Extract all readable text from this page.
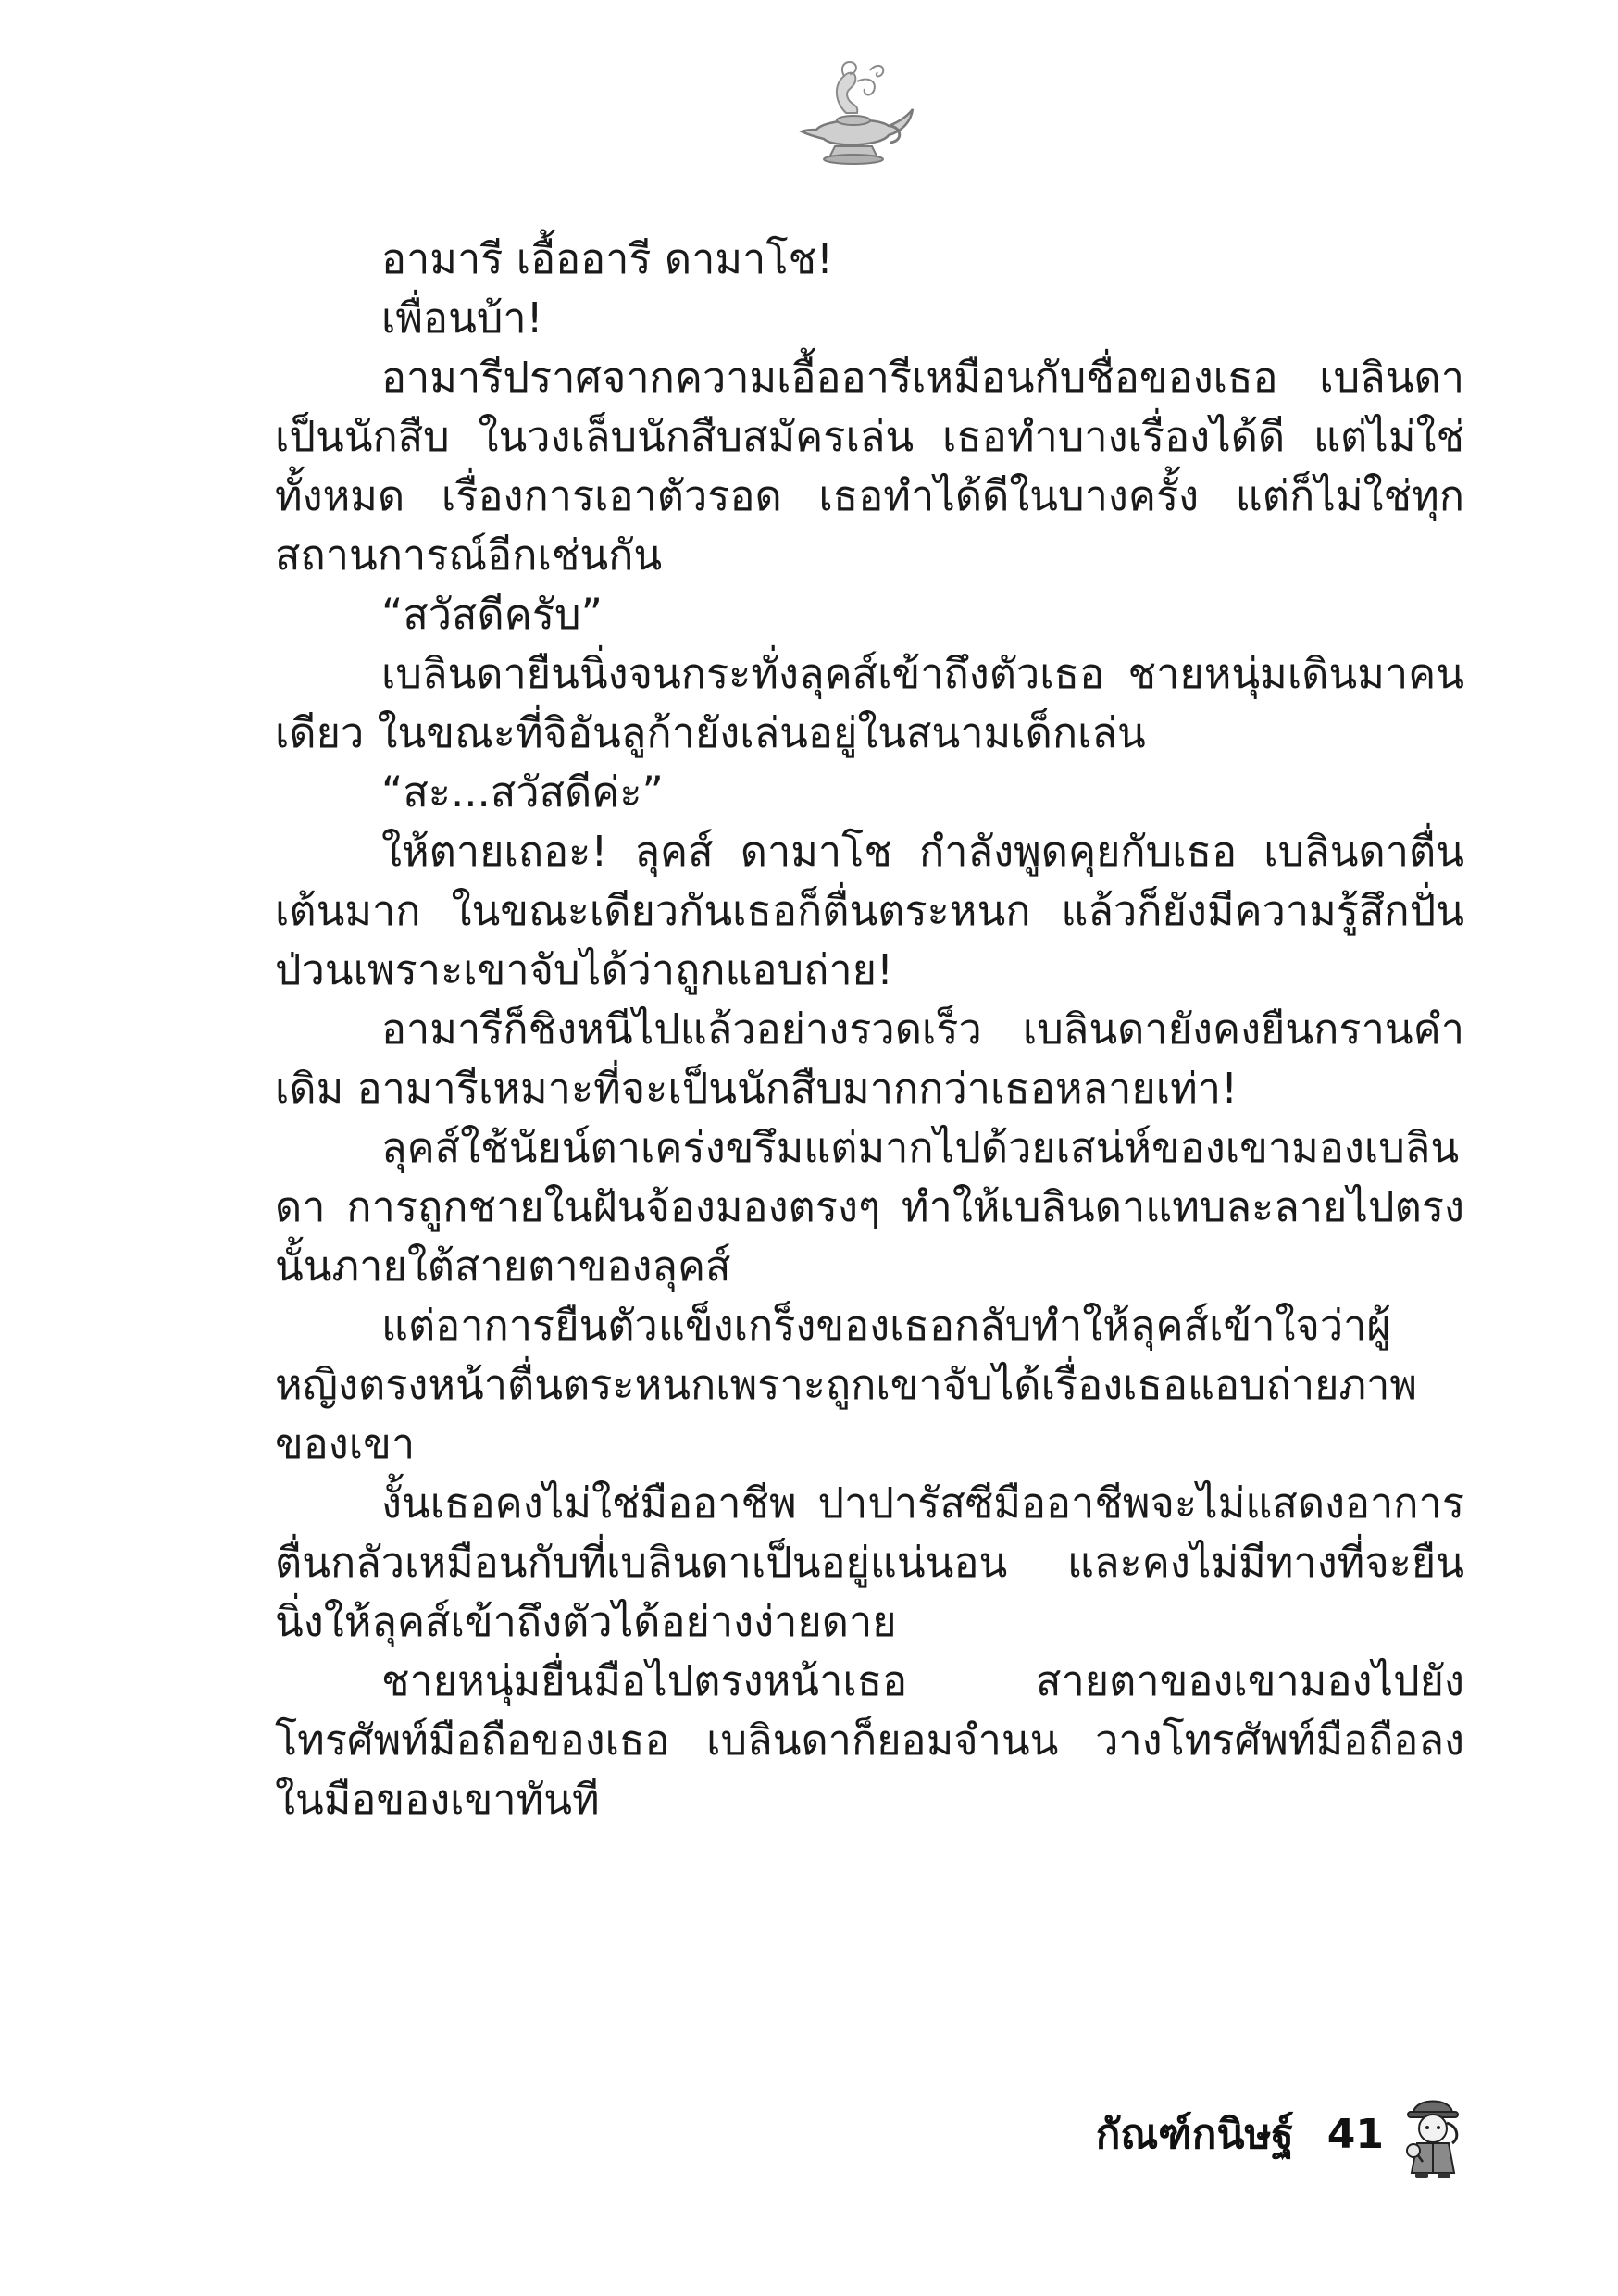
อามารี เอื้ออารี ดามาโช!

เพื่อนบ้า!

อามารีปราศจากความเอื้ออารีเหมือนกับชื่อของเธอ เบลินดาเป็นนักสืบ ในวงเล็บนักสืบสมัครเล่น เธอทำบางเรื่องได้ดี แต่ไม่ใช่ทั้งหมด เรื่องการเอาตัวรอด เธอทำได้ดีในบางครั้ง แต่ก็ไม่ใช่ทุกสถานการณ์อีกเช่นกัน

“สวัสดีครับ”

เบลินดายืนนิ่งจนกระทั่งลุคส์เข้าถึงตัวเธอ ชายหนุ่มเดินมาคนเดียว ในขณะที่จิอันลูก้ายังเล่นอยู่ในสนามเด็กเล่น

“สะ...สวัสดีค่ะ”

ให้ตายเถอะ! ลุคส์ ดามาโช กำลังพูดคุยกับเธอ เบลินดาตื่นเต้นมาก ในขณะเดียวกันเธอก็ตื่นตระหนก แล้วก็ยังมีความรู้สึกปั่นป่วนเพราะเขาจับได้ว่าถูกแอบถ่าย!

อามารีก็ชิงหนีไปแล้วอย่างรวดเร็ว เบลินดายังคงยืนกรานคำเดิม อามารีเหมาะที่จะเป็นนักสืบมากกว่าเธอหลายเท่า!

ลุคส์ใช้นัยน์ตาเคร่งขรึมแต่มากไปด้วยเสน่ห์ของเขามองเบลินดา การถูกชายในฝันจ้องมองตรงๆ ทำให้เบลินดาแทบละลายไปตรงนั้นภายใต้สายตาของลุคส์

แต่อาการยืนตัวแข็งเกร็งของเธอกลับทำให้ลุคส์เข้าใจว่าผู้หญิงตรงหน้าตื่นตระหนกเพราะถูกเขาจับได้เรื่องเธอแอบถ่ายภาพของเขา

งั้นเธอคงไม่ใช่มืออาชีพ ปาปารัสซีมืออาชีพจะไม่แสดงอาการตื่นกลัวเหมือนกับที่เบลินดาเป็นอยู่แน่นอน และคงไม่มีทางที่จะยืนนิ่งให้ลุคส์เข้าถึงตัวได้อย่างง่ายดาย

ชายหนุ่มยื่นมือไปตรงหน้าเธอ สายตาของเขามองไปยังโทรศัพท์มือถือของเธอ เบลินดาก็ยอมจำนน วางโทรศัพท์มือถือลงในมือของเขาทันที

กัณฑ์กนิษฐ์ 41
